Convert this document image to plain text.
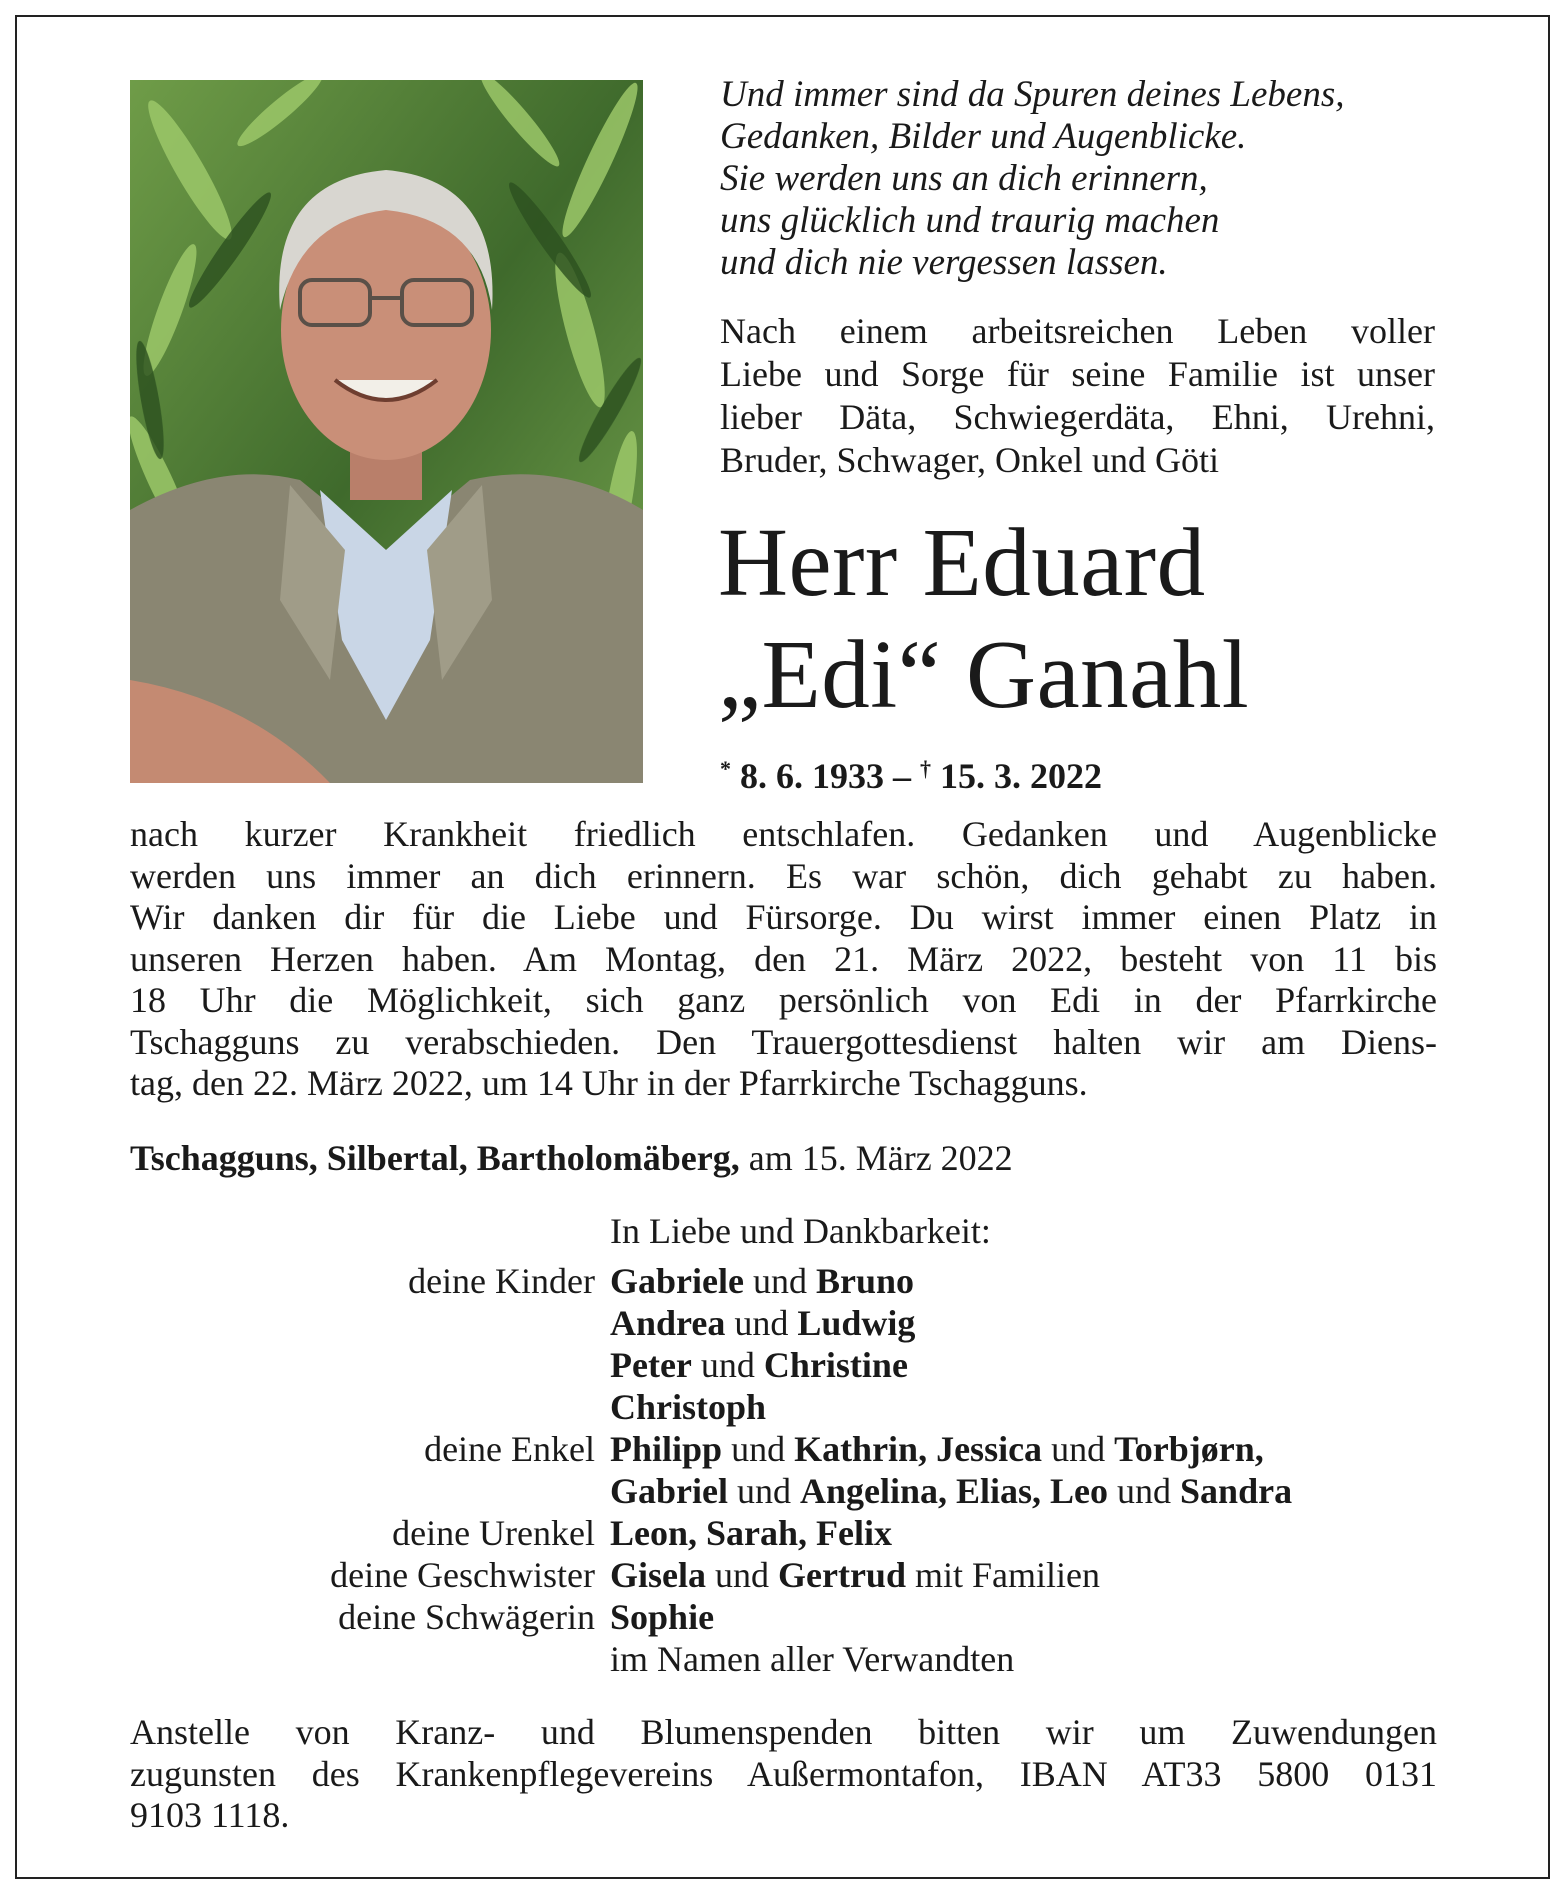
Und immer sind da Spuren deines Lebens,
Gedanken, Bilder und Augenblicke.
Sie werden uns an dich erinnern,
uns glücklich und traurig machen
und dich nie vergessen lassen.
Nach einem arbeitsreichen Leben voller
Liebe und Sorge für seine Familie ist unser
lieber Däta, Schwiegerdäta, Ehni, Urehni,
Bruder, Schwager, Onkel und Göti
Herr Eduard
„Edi“ Ganahl
* 8. 6. 1933 – † 15. 3. 2022
nach kurzer Krankheit friedlich entschlafen. Gedanken und Augenblicke
werden uns immer an dich erinnern. Es war schön, dich gehabt zu haben.
Wir danken dir für die Liebe und Fürsorge. Du wirst immer einen Platz in
unseren Herzen haben. Am Montag, den 21. März 2022, besteht von 11 bis
18 Uhr die Möglichkeit, sich ganz persönlich von Edi in der Pfarrkirche
Tschagguns zu verabschieden. Den Trauergottesdienst halten wir am Diens-
tag, den 22. März 2022, um 14 Uhr in der Pfarrkirche Tschagguns.
Tschagguns, Silbertal, Bartholomäberg, am 15. März 2022
In Liebe und Dankbarkeit:
deine Kinder Gabriele und Bruno
Andrea und Ludwig
Peter und Christine
Christoph
deine Enkel Philipp und Kathrin, Jessica und Torbjørn,
Gabriel und Angelina, Elias, Leo und Sandra
deine Urenkel Leon, Sarah, Felix
deine Geschwister Gisela und Gertrud mit Familien
deine Schwägerin Sophie
im Namen aller Verwandten
Anstelle von Kranz- und Blumenspenden bitten wir um Zuwendungen
zugunsten des Krankenpflegevereins Außermontafon, IBAN AT33 5800 0131
9103 1118.
